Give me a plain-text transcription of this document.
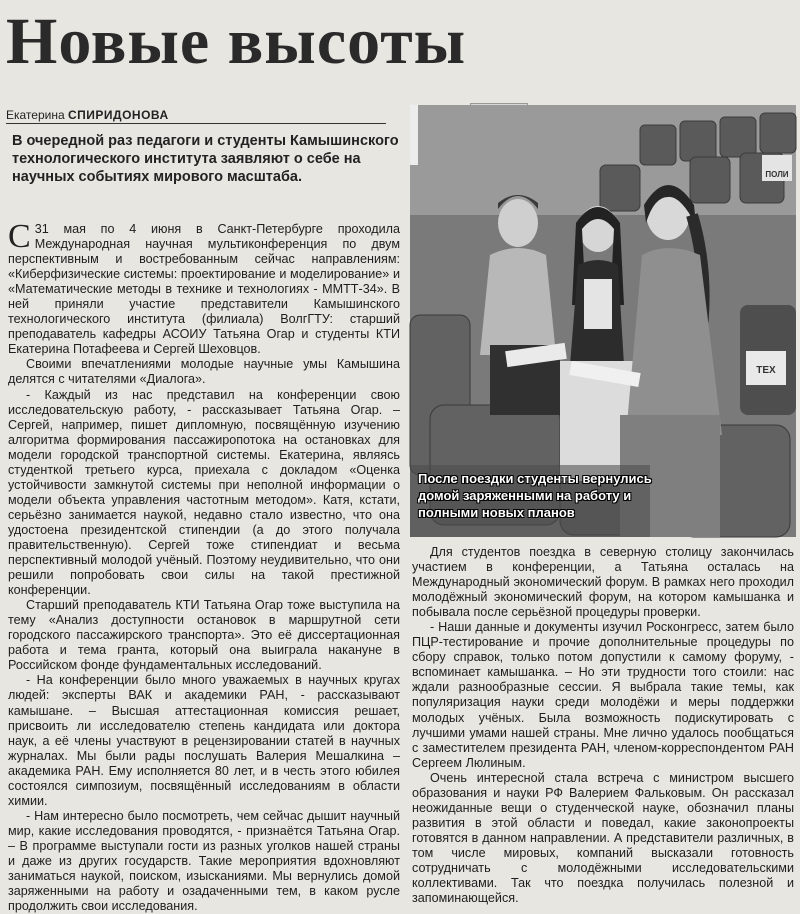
Новые высоты
Екатерина СПИРИДОНОВА
В очередной раз педагоги и студенты Камышинского технологического института заявляют о себе на научных событиях мирового масштаба.

С 31 мая по 4 июня в Санкт-Петербурге проходила Международная научная мультиконференция по двум перспективным и востребованным сейчас направлениям: «Киберфизические системы: проектирование и моделирование» и «Математические методы в технике и технологиях - ММТТ-34». В ней приняли участие представители Камышинского технологического института (филиала) ВолгГТУ: старший преподаватель кафедры АСОИУ Татьяна Огар и студенты КТИ Екатерина Потафеева и Сергей Шеховцов.

Своими впечатлениями молодые научные умы Камышина делятся с читателями «Диалога».

- Каждый из нас представил на конференции свою исследовательскую работу, - рассказывает Татьяна Огар. – Сергей, например, пишет дипломную, посвящённую изучению алгоритма формирования пассажиропотока на остановках для модели городской транспортной системы. Екатерина, являясь студенткой третьего курса, приехала с докладом «Оценка устойчивости замкнутой системы при неполной информации о модели объекта управления частотным методом». Катя, кстати, серьёзно занимается наукой, недавно стало известно, что она удостоена президентской стипендии (а до этого получала правительственную). Сергей тоже стипендиат и весьма перспективный молодой учёный. Поэтому неудивительно, что они решили попробовать свои силы на такой престижной конференции.

Старший преподаватель КТИ Татьяна Огар тоже выступила на тему «Анализ доступности остановок в маршрутной сети городского пассажирского транспорта». Это её диссертационная работа и тема гранта, который она выиграла накануне в Российском фонде фундаментальных исследований.

- На конференции было много уважаемых в научных кругах людей: эксперты ВАК и академики РАН, - рассказывают камышане. – Высшая аттестационная комиссия решает, присвоить ли исследователю степень кандидата или доктора наук, а её члены участвуют в рецензировании статей в научных журналах. Мы были рады послушать Валерия Мешалкина – академика РАН. Ему исполняется 80 лет, и в честь этого юбилея состоялся симпозиум, посвящённый исследованиям в области химии.

- Нам интересно было посмотреть, чем сейчас дышит научный мир, какие исследования проводятся, - признаётся Татьяна Огар. – В программе выступали гости из разных уголков нашей страны и даже из других государств. Такие мероприятия вдохновляют заниматься наукой, поиском, изысканиями. Мы вернулись домой заряженными на работу и озадаченными тем, в каком русле продолжить свои исследования.

ТЕХ
ПОЛИ
После поездки студенты вернулись домой заряженными на работу и полными новых планов

Для студентов поездка в северную столицу закончилась участием в конференции, а Татьяна осталась на Международный экономический форум. В рамках него проходил молодёжный экономический форум, на котором камышанка и побывала после серьёзной процедуры проверки.

- Наши данные и документы изучил Росконгресс, затем было ПЦР-тестирование и прочие дополнительные процедуры по сбору справок, только потом допустили к самому форуму, - вспоминает камышанка. – Но эти трудности того стоили: нас ждали разнообразные сессии. Я выбрала такие темы, как популяризация науки среди молодёжи и меры поддержки молодых учёных. Была возможность подискутировать с лучшими умами нашей страны. Мне лично удалось пообщаться с заместителем президента РАН, членом-корреспондентом РАН Сергеем Люлиным.

Очень интересной стала встреча с министром высшего образования и науки РФ Валерием Фальковым. Он рассказал неожиданные вещи о студенческой науке, обозначил планы развития в этой области и поведал, какие законопроекты готовятся в данном направлении. А представители различных, в том числе мировых, компаний высказали готовность сотрудничать с молодёжными исследовательскими коллективами. Так что поездка получилась полезной и запоминающейся.
